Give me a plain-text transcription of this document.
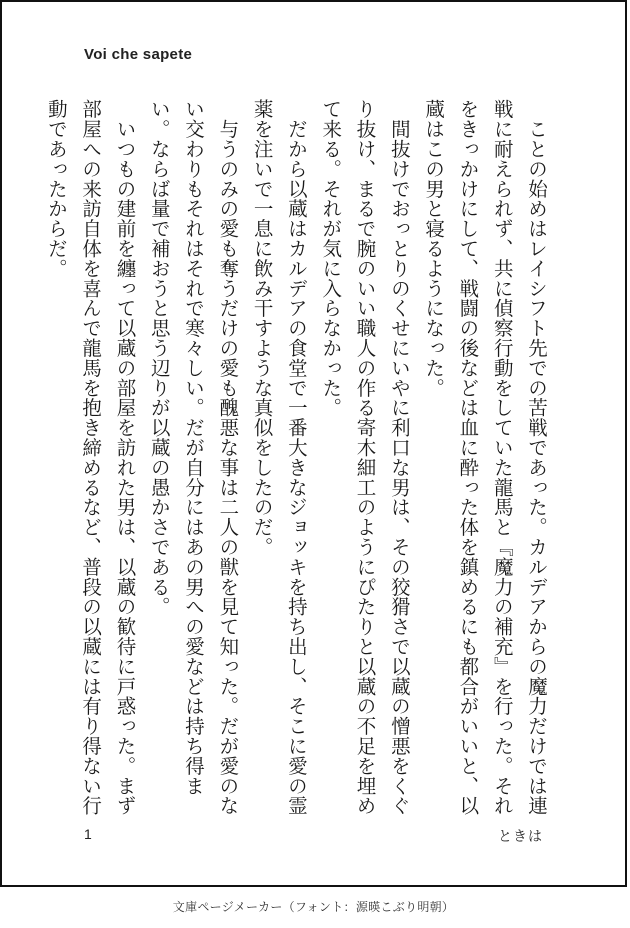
Voi che sapete

　ことの始めはレイシフト先での苦戦であった。カルデアからの魔力だけでは連戦に耐えられず、共に偵察行動をしていた龍馬と『魔力の補充』を行った。それをきっかけにして、戦闘の後などは血に酔った体を鎮めるにも都合がいいと、以蔵はこの男と寝るようになった。

　間抜けでおっとりのくせにいやに利口な男は、その狡猾さで以蔵の憎悪をくぐり抜け、まるで腕のいい職人の作る寄木細工のようにぴたりと以蔵の不足を埋めて来る。それが気に入らなかった。

　だから以蔵はカルデアの食堂で一番大きなジョッキを持ち出し、そこに愛の霊薬を注いで一息に飲み干すような真似をしたのだ。

　与うのみの愛も奪うだけの愛も醜悪な事は二人の獣を見て知った。だが愛のない交わりもそれはそれで寒々しい。だが自分にはあの男への愛などは持ち得まい。ならば量で補おうと思う辺りが以蔵の愚かさである。

　いつもの建前を纏って以蔵の部屋を訪れた男は、以蔵の歓待に戸惑った。まず部屋への来訪自体を喜んで龍馬を抱き締めるなど、普段の以蔵には有り得ない行動であったからだ。

1	ときは
文庫ページメーカー（フォント：源暎こぶり明朝）
